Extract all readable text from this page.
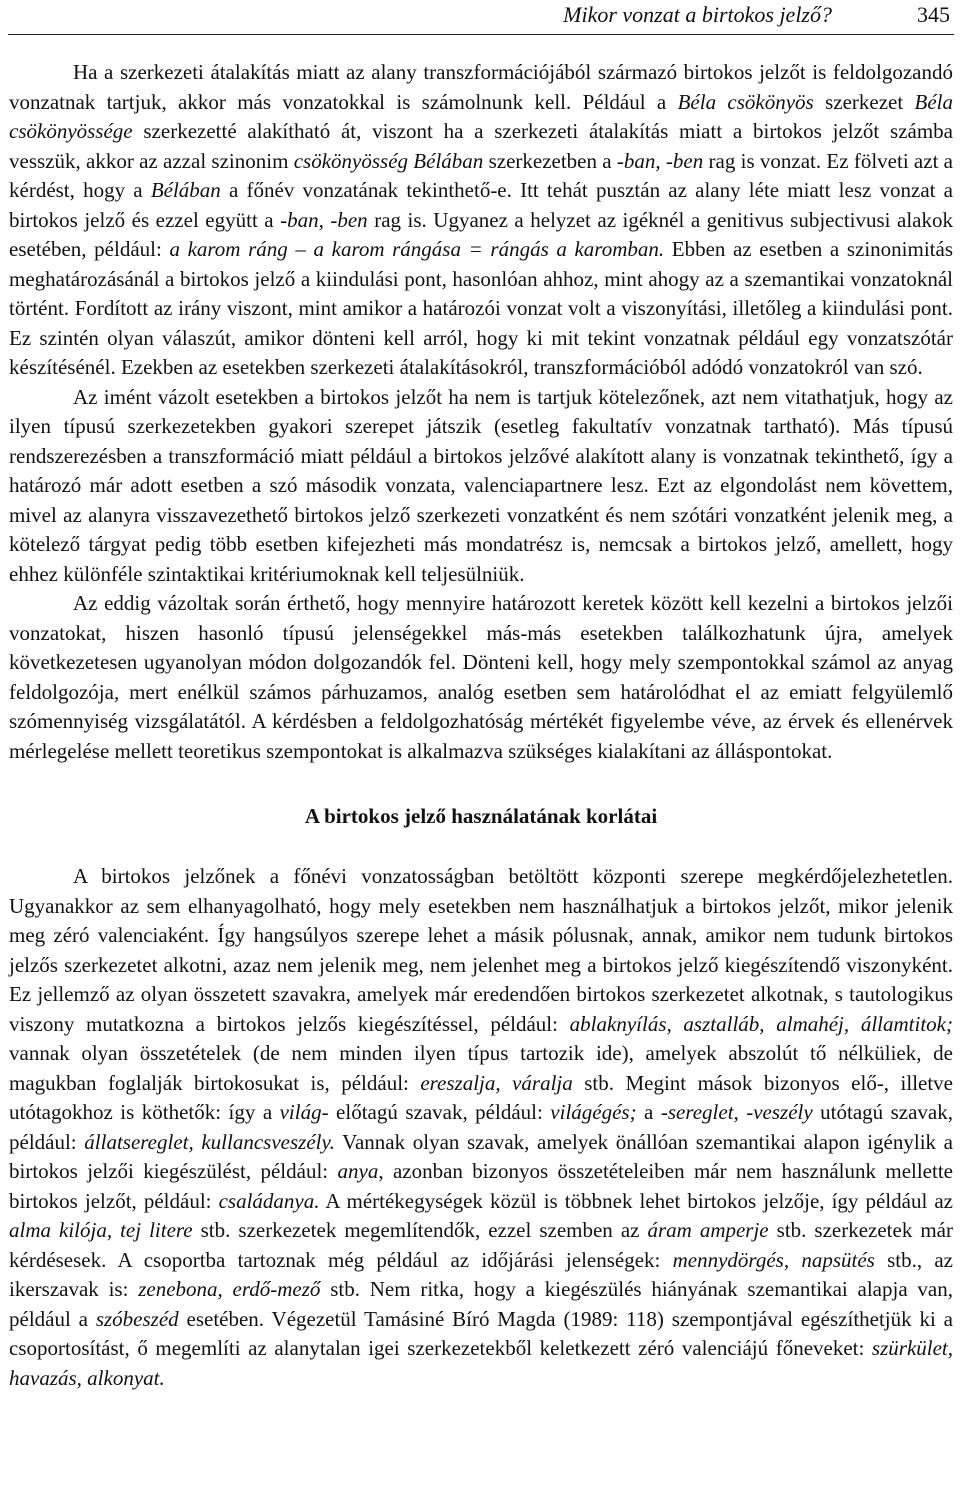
Mikor vonzat a birtokos jelző?	345

Ha a szerkezeti átalakítás miatt az alany transzformációjából származó birtokos jelzőt is feldolgozandó vonzatnak tartjuk, akkor más vonzatokkal is számolnunk kell. Például a Béla csökönyös szerkezet Béla csökönyössége szerkezetté alakítható át, viszont ha a szerkezeti átalakítás miatt a birtokos jelzőt számba vesszük, akkor az azzal szinonim csökönyösség Bélában szerkezetben a -ban, -ben rag is vonzat. Ez fölveti azt a kérdést, hogy a Bélában a főnév vonzatának tekinthető-e. Itt tehát pusztán az alany léte miatt lesz vonzat a birtokos jelző és ezzel együtt a -ban, -ben rag is. Ugyanez a helyzet az igéknél a genitivus subjectivusi alakok esetében, például: a karom ráng – a karom rángása = rángás a karomban. Ebben az esetben a szinonimitás meghatározásánál a birtokos jelző a kiindulási pont, hasonlóan ahhoz, mint ahogy az a szemantikai vonzatoknál történt. Fordított az irány viszont, mint amikor a határozói vonzat volt a viszonyítási, illetőleg a kiindulási pont. Ez szintén olyan válaszút, amikor dönteni kell arról, hogy ki mit tekint vonzatnak például egy vonzatszótár készítésénél. Ezekben az esetekben szerkezeti átalakításokról, transzformációból adódó vonzatokról van szó.

Az imént vázolt esetekben a birtokos jelzőt ha nem is tartjuk kötelezőnek, azt nem vitathatjuk, hogy az ilyen típusú szerkezetekben gyakori szerepet játszik (esetleg fakultatív vonzatnak tartható). Más típusú rendszerezésben a transzformáció miatt például a birtokos jelzővé alakított alany is vonzatnak tekinthető, így a határozó már adott esetben a szó második vonzata, valenciapartnere lesz. Ezt az elgondolást nem követtem, mivel az alanyra visszavezethető birtokos jelző szerkezeti vonzatként és nem szótári vonzatként jelenik meg, a kötelező tárgyat pedig több esetben kifejezheti más mondatrész is, nemcsak a birtokos jelző, amellett, hogy ehhez különféle szintaktikai kritériumoknak kell teljesülniük.

Az eddig vázoltak során érthető, hogy mennyire határozott keretek között kell kezelni a birtokos jelzői vonzatokat, hiszen hasonló típusú jelenségekkel más-más esetekben találkozhatunk újra, amelyek következetesen ugyanolyan módon dolgozandók fel. Dönteni kell, hogy mely szempontokkal számol az anyag feldolgozója, mert enélkül számos párhuzamos, analóg esetben sem határolódhat el az emiatt felgyülemlő szómennyiség vizsgálatától. A kérdésben a feldolgozhatóság mértékét figyelembe véve, az érvek és ellenérvek mérlegelése mellett teoretikus szempontokat is alkalmazva szükséges kialakítani az álláspontokat.

A birtokos jelző használatának korlátai

A birtokos jelzőnek a főnévi vonzatosságban betöltött központi szerepe megkérdőjelezhetetlen. Ugyanakkor az sem elhanyagolható, hogy mely esetekben nem használhatjuk a birtokos jelzőt, mikor jelenik meg zéró valenciaként. Így hangsúlyos szerepe lehet a másik pólusnak, annak, amikor nem tudunk birtokos jelzős szerkezetet alkotni, azaz nem jelenik meg, nem jelenhet meg a birtokos jelző kiegészítendő viszonyként. Ez jellemző az olyan összetett szavakra, amelyek már eredendően birtokos szerkezetet alkotnak, s tautologikus viszony mutatkozna a birtokos jelzős kiegészítéssel, például: ablaknyílás, asztalláb, almahéj, államtitok; vannak olyan összetételek (de nem minden ilyen típus tartozik ide), amelyek abszolút tő nélküliek, de magukban foglalják birtokosukat is, például: ereszalja, váralja stb. Megint mások bizonyos elő-, illetve utótagokhoz is köthetők: így a világ- előtagú szavak, például: világégés; a -sereglet, -veszély utótagú szavak, például: állatsereglet, kullancsveszély. Vannak olyan szavak, amelyek önállóan szemantikai alapon igénylik a birtokos jelzői kiegészülést, például: anya, azonban bizonyos összetételeiben már nem használunk mellette birtokos jelzőt, például: családanya. A mértékegységek közül is többnek lehet birtokos jelzője, így például az alma kilója, tej litere stb. szerkezetek megemlítendők, ezzel szemben az áram amperje stb. szerkezetek már kérdésesek. A csoportba tartoznak még például az időjárási jelenségek: mennydörgés, napsütés stb., az ikerszavak is: zenebona, erdő-mező stb. Nem ritka, hogy a kiegészülés hiányának szemantikai alapja van, például a szóbeszéd esetében. Végezetül Tamásiné Bíró Magda (1989: 118) szempontjával egészíthetjük ki a csoportosítást, ő megemlíti az alanytalan igei szerkezetekből keletkezett zéró valenciájú főneveket: szürkület, havazás, alkonyat.
